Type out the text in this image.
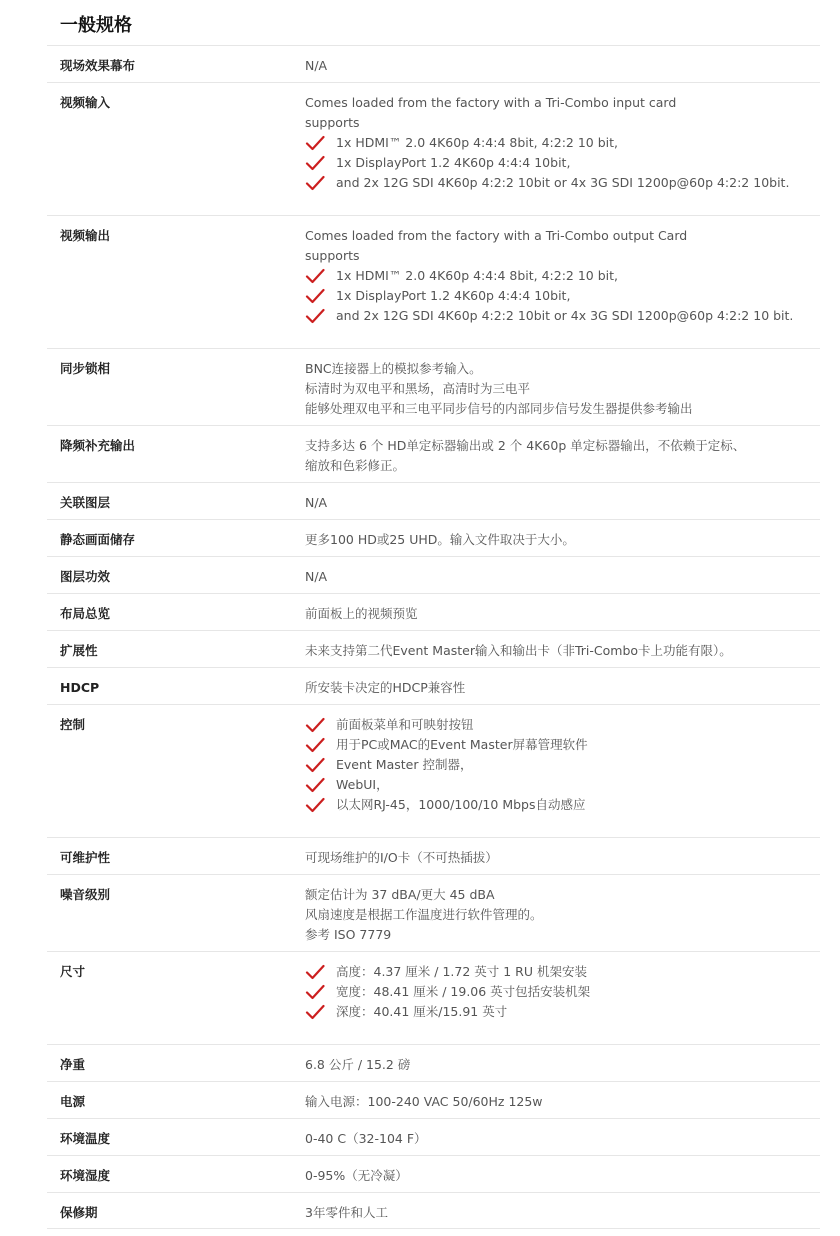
一般规格
现场效果幕布	N/A
视频输入	Comes loaded from the factory with a Tri-Combo input card
supports
1x HDMI™ 2.0 4K60p 4:4:4 8bit, 4:2:2 10 bit,
1x DisplayPort 1.2 4K60p 4:4:4 10bit,
and 2x 12G SDI 4K60p 4:2:2 10bit or 4x 3G SDI 1200p@60p 4:2:2 10bit.
视频输出	Comes loaded from the factory with a Tri-Combo output Card
supports
1x HDMI™ 2.0 4K60p 4:4:4 8bit, 4:2:2 10 bit,
1x DisplayPort 1.2 4K60p 4:4:4 10bit,
and 2x 12G SDI 4K60p 4:2:2 10bit or 4x 3G SDI 1200p@60p 4:2:2 10 bit.
同步锁相	BNC连接器上的模拟参考输入。
标清时为双电平和黑场，高清时为三电平
能够处理双电平和三电平同步信号的内部同步信号发生器提供参考输出
降频补充输出	支持多达 6 个 HD单定标器输出或 2 个 4K60p 单定标器输出，不依赖于定标、
缩放和色彩修正。
关联图层	N/A
静态画面储存	更多100 HD或25 UHD。输入文件取决于大小。
图层功效	N/A
布局总览	前面板上的视频预览
扩展性	未来支持第二代Event Master输入和输出卡（非Tri-Combo卡上功能有限）。
HDCP	所安装卡决定的HDCP兼容性
控制	前面板菜单和可映射按钮
用于PC或MAC的Event Master屏幕管理软件
Event Master 控制器，
WebUI，
以太网RJ-45，1000/100/10 Mbps自动感应
可维护性	可现场维护的I/O卡（不可热插拔）
噪音级别	额定估计为 37 dBA/更大 45 dBA
风扇速度是根据工作温度进行软件管理的。
参考 ISO 7779
尺寸	高度：4.37 厘米 / 1.72 英寸 1 RU 机架安装
宽度：48.41 厘米 / 19.06 英寸包括安装机架
深度：40.41 厘米/15.91 英寸
净重	6.8 公斤 / 15.2 磅
电源	输入电源：100-240 VAC 50/60Hz 125w
环境温度	0-40 C（32-104 F）
环境湿度	0-95%（无冷凝）
保修期	3年零件和人工
